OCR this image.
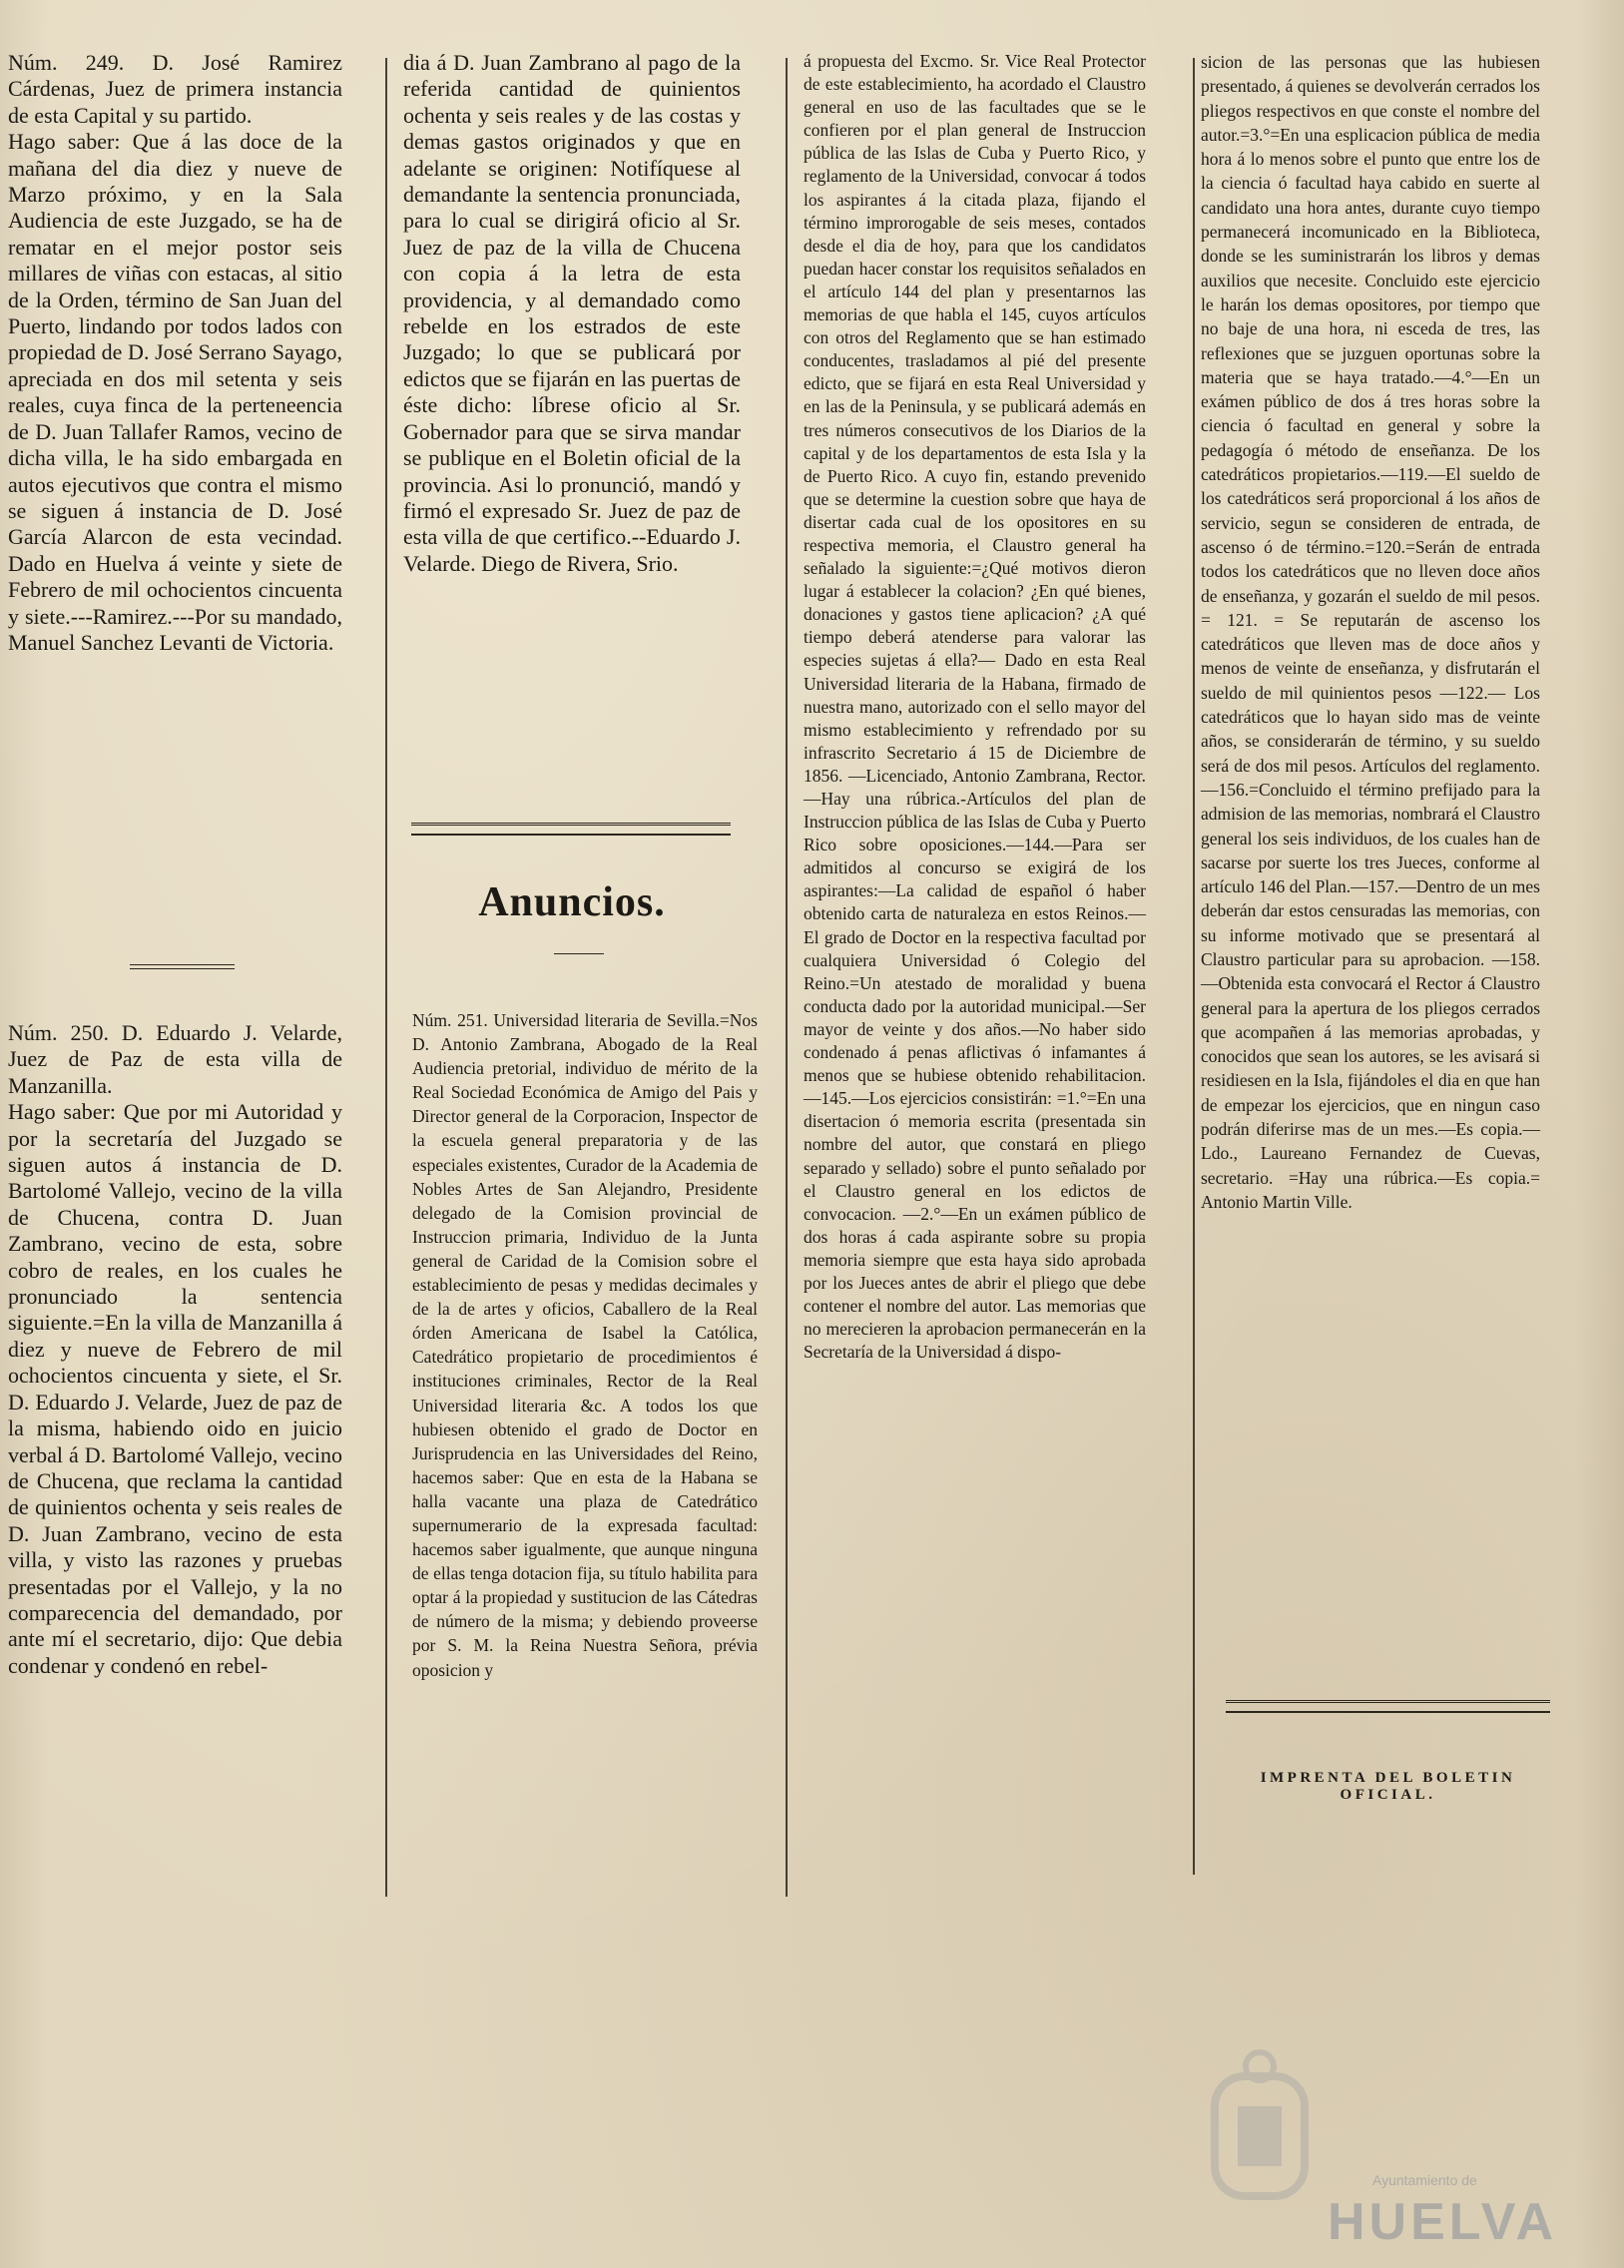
Núm. 249. D. José Ramirez Cárdenas, Juez de primera instancia de esta Capital y su partido.

Hago saber: Que á las doce de la mañana del dia diez y nueve de Marzo próximo, y en la Sala Audiencia de este Juzgado, se ha de rematar en el mejor postor seis millares de viñas con estacas, al sitio de la Orden, término de San Juan del Puerto, lindando por todos lados con propiedad de D. José Serrano Sayago, apreciada en dos mil setenta y seis reales, cuya finca de la perteneencia de D. Juan Tallafer Ramos, vecino de dicha villa, le ha sido embargada en autos ejecutivos que contra el mismo se siguen á instancia de D. José García Alarcon de esta vecindad. Dado en Huelva á veinte y siete de Febrero de mil ochocientos cincuenta y siete.---Ramirez.---Por su mandado, Manuel Sanchez Levanti de Victoria.

Núm. 250. D. Eduardo J. Velarde, Juez de Paz de esta villa de Manzanilla.

Hago saber: Que por mi Autoridad y por la secretaría del Juzgado se siguen autos á instancia de D. Bartolomé Vallejo, vecino de la villa de Chucena, contra D. Juan Zambrano, vecino de esta, sobre cobro de reales, en los cuales he pronunciado la sentencia siguiente.=En la villa de Manzanilla á diez y nueve de Febrero de mil ochocientos cincuenta y siete, el Sr. D. Eduardo J. Velarde, Juez de paz de la misma, habiendo oido en juicio verbal á D. Bartolomé Vallejo, vecino de Chucena, que reclama la cantidad de quinientos ochenta y seis reales de D. Juan Zambrano, vecino de esta villa, y visto las razones y pruebas presentadas por el Vallejo, y la no comparecencia del demandado, por ante mí el secretario, dijo: Que debia condenar y condenó en rebel-

dia á D. Juan Zambrano al pago de la referida cantidad de quinientos ochenta y seis reales y de las costas y demas gastos originados y que en adelante se originen: Notifíquese al demandante la sentencia pronunciada, para lo cual se dirigirá oficio al Sr. Juez de paz de la villa de Chucena con copia á la letra de esta providencia, y al demandado como rebelde en los estrados de este Juzgado; lo que se publicará por edictos que se fijarán en las puertas de éste dicho: líbrese oficio al Sr. Gobernador para que se sirva mandar se publique en el Boletin oficial de la provincia. Asi lo pronunció, mandó y firmó el expresado Sr. Juez de paz de esta villa de que certifico.--Eduardo J. Velarde. Diego de Rivera, Srio.

Anuncios.

Núm. 251. Universidad literaria de Sevilla.=Nos D. Antonio Zambrana, Abogado de la Real Audiencia pretorial, individuo de mérito de la Real Sociedad Económica de Amigo del Pais y Director general de la Corporacion, Inspector de la escuela general preparatoria y de las especiales existentes, Curador de la Academia de Nobles Artes de San Alejandro, Presidente delegado de la Comision provincial de Instruccion primaria, Individuo de la Junta general de Caridad de la Comision sobre el establecimiento de pesas y medidas decimales y de la de artes y oficios, Caballero de la Real órden Americana de Isabel la Católica, Catedrático propietario de procedimientos é instituciones criminales, Rector de la Real Universidad literaria &c. A todos los que hubiesen obtenido el grado de Doctor en Jurisprudencia en las Universidades del Reino, hacemos saber: Que en esta de la Habana se halla vacante una plaza de Catedrático supernumerario de la expresada facultad: hacemos saber igualmente, que aunque ninguna de ellas tenga dotacion fija, su título habilita para optar á la propiedad y sustitucion de las Cátedras de número de la misma; y debiendo proveerse por S. M. la Reina Nuestra Señora, prévia oposicion y

á propuesta del Excmo. Sr. Vice Real Protector de este establecimiento, ha acordado el Claustro general en uso de las facultades que se le confieren por el plan general de Instruccion pública de las Islas de Cuba y Puerto Rico, y reglamento de la Universidad, convocar á todos los aspirantes á la citada plaza, fijando el término improrogable de seis meses, contados desde el dia de hoy, para que los candidatos puedan hacer constar los requisitos señalados en el artículo 144 del plan y presentarnos las memorias de que habla el 145, cuyos artículos con otros del Reglamento que se han estimado conducentes, trasladamos al pié del presente edicto, que se fijará en esta Real Universidad y en las de la Peninsula, y se publicará además en tres números consecutivos de los Diarios de la capital y de los departamentos de esta Isla y la de Puerto Rico. A cuyo fin, estando prevenido que se determine la cuestion sobre que haya de disertar cada cual de los opositores en su respectiva memoria, el Claustro general ha señalado la siguiente:=¿Qué motivos dieron lugar á establecer la colacion? ¿En qué bienes, donaciones y gastos tiene aplicacion? ¿A qué tiempo deberá atenderse para valorar las especies sujetas á ella?— Dado en esta Real Universidad literaria de la Habana, firmado de nuestra mano, autorizado con el sello mayor del mismo establecimiento y refrendado por su infrascrito Secretario á 15 de Diciembre de 1856. —Licenciado, Antonio Zambrana, Rector.—Hay una rúbrica.-Artículos del plan de Instruccion pública de las Islas de Cuba y Puerto Rico sobre oposiciones.—144.—Para ser admitidos al concurso se exigirá de los aspirantes:—La calidad de español ó haber obtenido carta de naturaleza en estos Reinos.—El grado de Doctor en la respectiva facultad por cualquiera Universidad ó Colegio del Reino.=Un atestado de moralidad y buena conducta dado por la autoridad municipal.—Ser mayor de veinte y dos años.—No haber sido condenado á penas aflictivas ó infamantes á menos que se hubiese obtenido rehabilitacion. —145.—Los ejercicios consistirán: =1.°=En una disertacion ó memoria escrita (presentada sin nombre del autor, que constará en pliego separado y sellado) sobre el punto señalado por el Claustro general en los edictos de convocacion. —2.°—En un exámen público de dos horas á cada aspirante sobre su propia memoria siempre que esta haya sido aprobada por los Jueces antes de abrir el pliego que debe contener el nombre del autor. Las memorias que no merecieren la aprobacion permanecerán en la Secretaría de la Universidad á dispo-

sicion de las personas que las hubiesen presentado, á quienes se devolverán cerrados los pliegos respectivos en que conste el nombre del autor.=3.°=En una esplicacion pública de media hora á lo menos sobre el punto que entre los de la ciencia ó facultad haya cabido en suerte al candidato una hora antes, durante cuyo tiempo permanecerá incomunicado en la Biblioteca, donde se les suministrarán los libros y demas auxilios que necesite. Concluido este ejercicio le harán los demas opositores, por tiempo que no baje de una hora, ni esceda de tres, las reflexiones que se juzguen oportunas sobre la materia que se haya tratado.—4.°—En un exámen público de dos á tres horas sobre la ciencia ó facultad en general y sobre la pedagogía ó método de enseñanza. De los catedráticos propietarios.—119.—El sueldo de los catedráticos será proporcional á los años de servicio, segun se consideren de entrada, de ascenso ó de término.=120.=Serán de entrada todos los catedráticos que no lleven doce años de enseñanza, y gozarán el sueldo de mil pesos. = 121. = Se reputarán de ascenso los catedráticos que lleven mas de doce años y menos de veinte de enseñanza, y disfrutarán el sueldo de mil quinientos pesos —122.— Los catedráticos que lo hayan sido mas de veinte años, se considerarán de término, y su sueldo será de dos mil pesos. Artículos del reglamento.—156.=Concluido el término prefijado para la admision de las memorias, nombrará el Claustro general los seis individuos, de los cuales han de sacarse por suerte los tres Jueces, conforme al artículo 146 del Plan.—157.—Dentro de un mes deberán dar estos censuradas las memorias, con su informe motivado que se presentará al Claustro particular para su aprobacion. —158.—Obtenida esta convocará el Rector á Claustro general para la apertura de los pliegos cerrados que acompañen á las memorias aprobadas, y conocidos que sean los autores, se les avisará si residiesen en la Isla, fijándoles el dia en que han de empezar los ejercicios, que en ningun caso podrán diferirse mas de un mes.—Es copia.—Ldo., Laureano Fernandez de Cuevas, secretario. =Hay una rúbrica.—Es copia.= Antonio Martin Ville.

IMPRENTA DEL BOLETIN OFICIAL.
Ayuntamiento de
HUELVA
